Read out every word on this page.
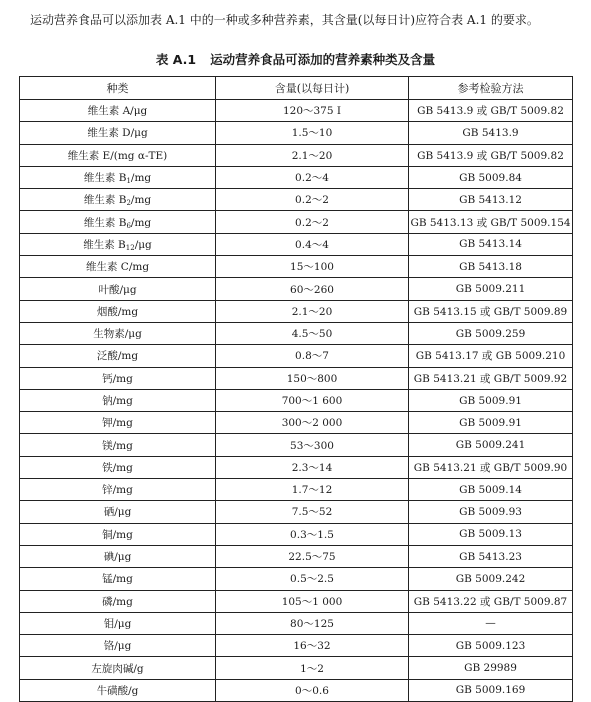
运动营养食品可以添加表 A.1 中的一种或多种营养素，其含量(以每日计)应符合表 A.1 的要求。
表 A.1 运动营养食品可添加的营养素种类及含量
种类	含量(以每日计)	参考检验方法
维生素 A/μg	120～375 Ⅰ	GB 5413.9 或 GB/T 5009.82
维生素 D/μg	1.5～10	GB 5413.9
维生素 E/(mg α-TE)	2.1～20	GB 5413.9 或 GB/T 5009.82
维生素 $B_1/mg$	0.2～4	GB 5009.84
维生素 $B_2/mg$	0.2～2	GB 5413.12
维生素 $B_6/mg$	0.2～2	GB 5413.13 或 GB/T 5009.154
维生素 $B_{12}/\mu g$	0.4～4	GB 5413.14
维生素 C/mg	15～100	GB 5413.18
叶酸/μg	60～260	GB 5009.211
烟酸/mg	2.1～20	GB 5413.15 或 GB/T 5009.89
生物素/μg	4.5～50	GB 5009.259
泛酸/mg	0.8～7	GB 5413.17 或 GB 5009.210
钙/mg	150～800	GB 5413.21 或 GB/T 5009.92
钠/mg	700～1 600	GB 5009.91
钾/mg	300～2 000	GB 5009.91
镁/mg	53～300	GB 5009.241
铁/mg	2.3～14	GB 5413.21 或 GB/T 5009.90
锌/mg	1.7～12	GB 5009.14
硒/μg	7.5～52	GB 5009.93
铜/mg	0.3～1.5	GB 5009.13
碘/μg	22.5～75	GB 5413.23
锰/mg	0.5～2.5	GB 5009.242
磷/mg	105～1 000	GB 5413.22 或 GB/T 5009.87
钼/μg	80～125	—
铬/μg	16～32	GB 5009.123
左旋肉碱/g	1～2	GB 29989
牛磺酸/g	0～0.6	GB 5009.169
